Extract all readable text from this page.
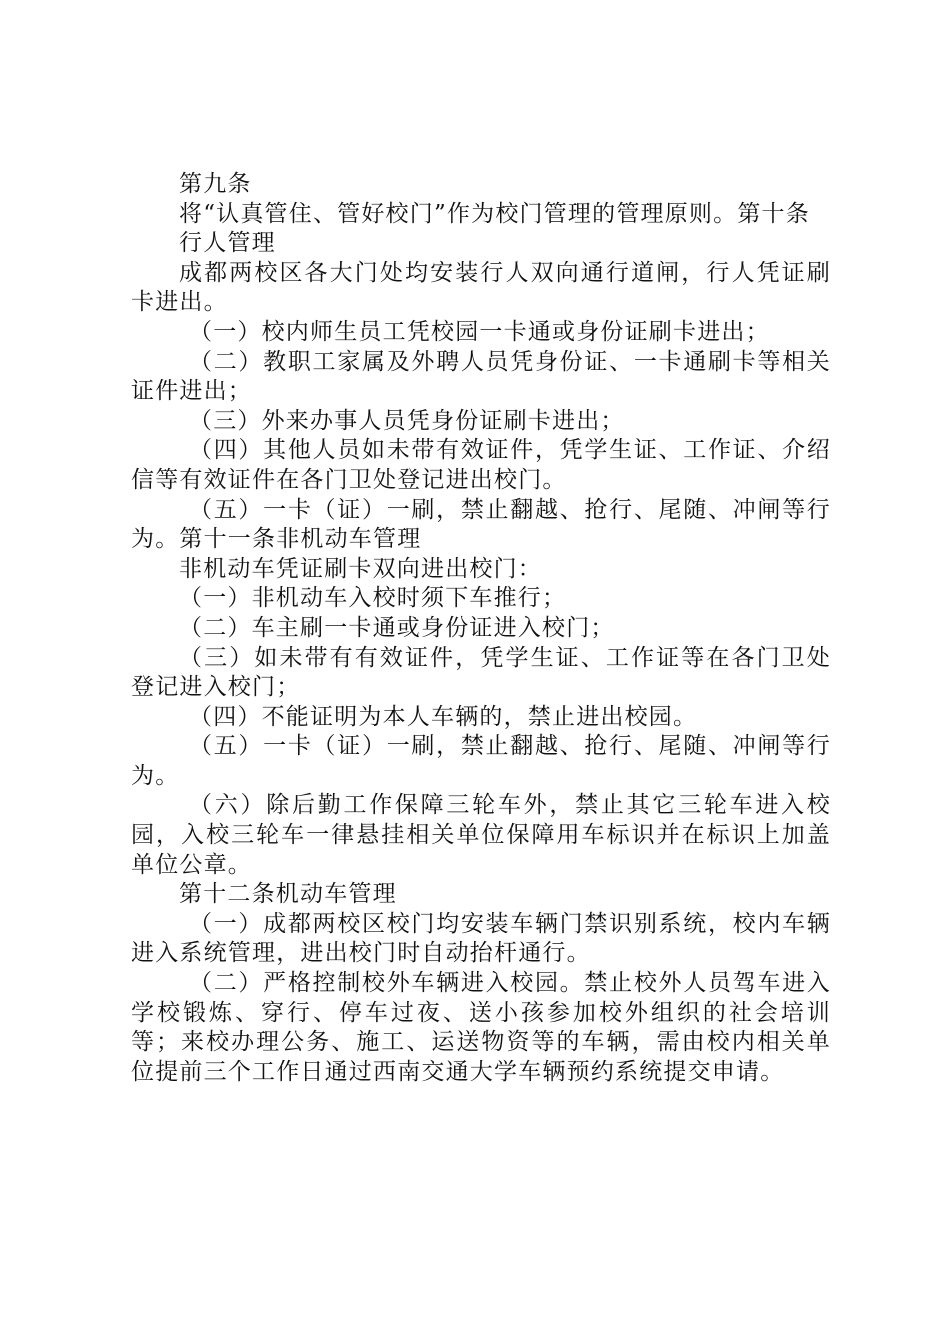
第九条

将“认真管住、管好校门”作为校门管理的管理原则。第十条

行人管理

成都两校区各大门处均安装行人双向通行道闸，行人凭证刷卡进出。

（一）校内师生员工凭校园一卡通或身份证刷卡进出；

（二）教职工家属及外聘人员凭身份证、一卡通刷卡等相关证件进出；

（三）外来办事人员凭身份证刷卡进出；

（四）其他人员如未带有效证件，凭学生证、工作证、介绍信等有效证件在各门卫处登记进出校门。

（五）一卡（证）一刷，禁止翻越、抢行、尾随、冲闸等行为。第十一条非机动车管理

非机动车凭证刷卡双向进出校门：

（一）非机动车入校时须下车推行；

（二）车主刷一卡通或身份证进入校门；

（三）如未带有有效证件，凭学生证、工作证等在各门卫处登记进入校门；

（四）不能证明为本人车辆的，禁止进出校园。

（五）一卡（证）一刷，禁止翻越、抢行、尾随、冲闸等行为。

（六）除后勤工作保障三轮车外，禁止其它三轮车进入校园，入校三轮车一律悬挂相关单位保障用车标识并在标识上加盖单位公章。

第十二条机动车管理

（一）成都两校区校门均安装车辆门禁识别系统，校内车辆进入系统管理，进出校门时自动抬杆通行。

（二）严格控制校外车辆进入校园。禁止校外人员驾车进入学校锻炼、穿行、停车过夜、送小孩参加校外组织的社会培训等；来校办理公务、施工、运送物资等的车辆，需由校内相关单位提前三个工作日通过西南交通大学车辆预约系统提交申请。
